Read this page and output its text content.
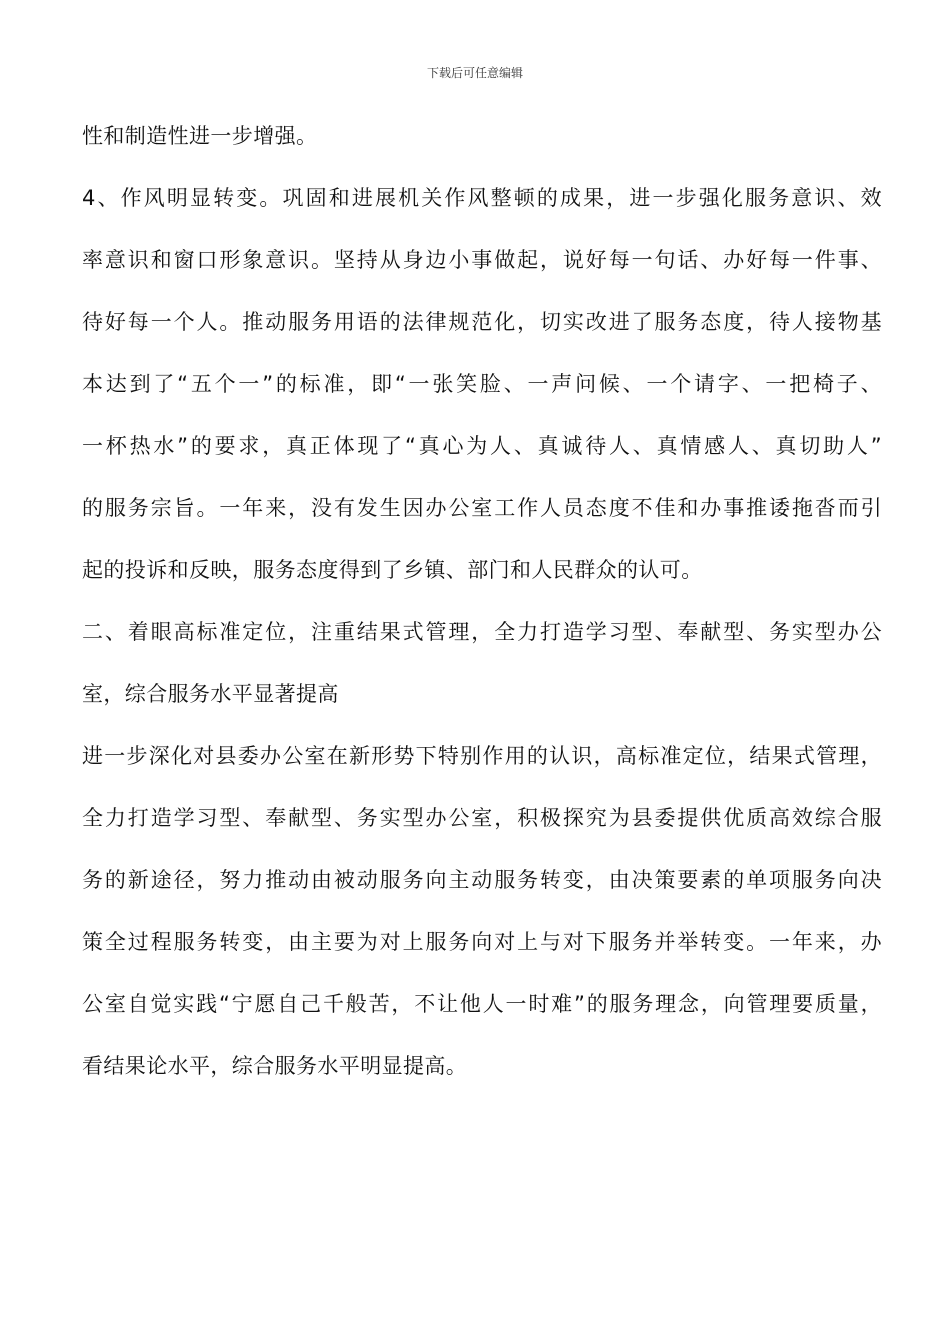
下载后可任意编辑
性和制造性进一步增强。
4、作风明显转变。巩固和进展机关作风整顿的成果，进一步强化服务意识、效
率意识和窗口形象意识。坚持从身边小事做起，说好每一句话、办好每一件事、
待好每一个人。推动服务用语的法律规范化，切实改进了服务态度，待人接物基
本达到了“五个一”的标准，即“一张笑脸、一声问候、一个请字、一把椅子、
一杯热水”的要求，真正体现了“真心为人、真诚待人、真情感人、真切助人”
的服务宗旨。一年来，没有发生因办公室工作人员态度不佳和办事推诿拖沓而引
起的投诉和反映，服务态度得到了乡镇、部门和人民群众的认可。
二、着眼高标准定位，注重结果式管理，全力打造学习型、奉献型、务实型办公
室，综合服务水平显著提高
进一步深化对县委办公室在新形势下特别作用的认识，高标准定位，结果式管理，
全力打造学习型、奉献型、务实型办公室，积极探究为县委提供优质高效综合服
务的新途径，努力推动由被动服务向主动服务转变，由决策要素的单项服务向决
策全过程服务转变，由主要为对上服务向对上与对下服务并举转变。一年来，办
公室自觉实践“宁愿自己千般苦，不让他人一时难”的服务理念，向管理要质量，
看结果论水平，综合服务水平明显提高。
